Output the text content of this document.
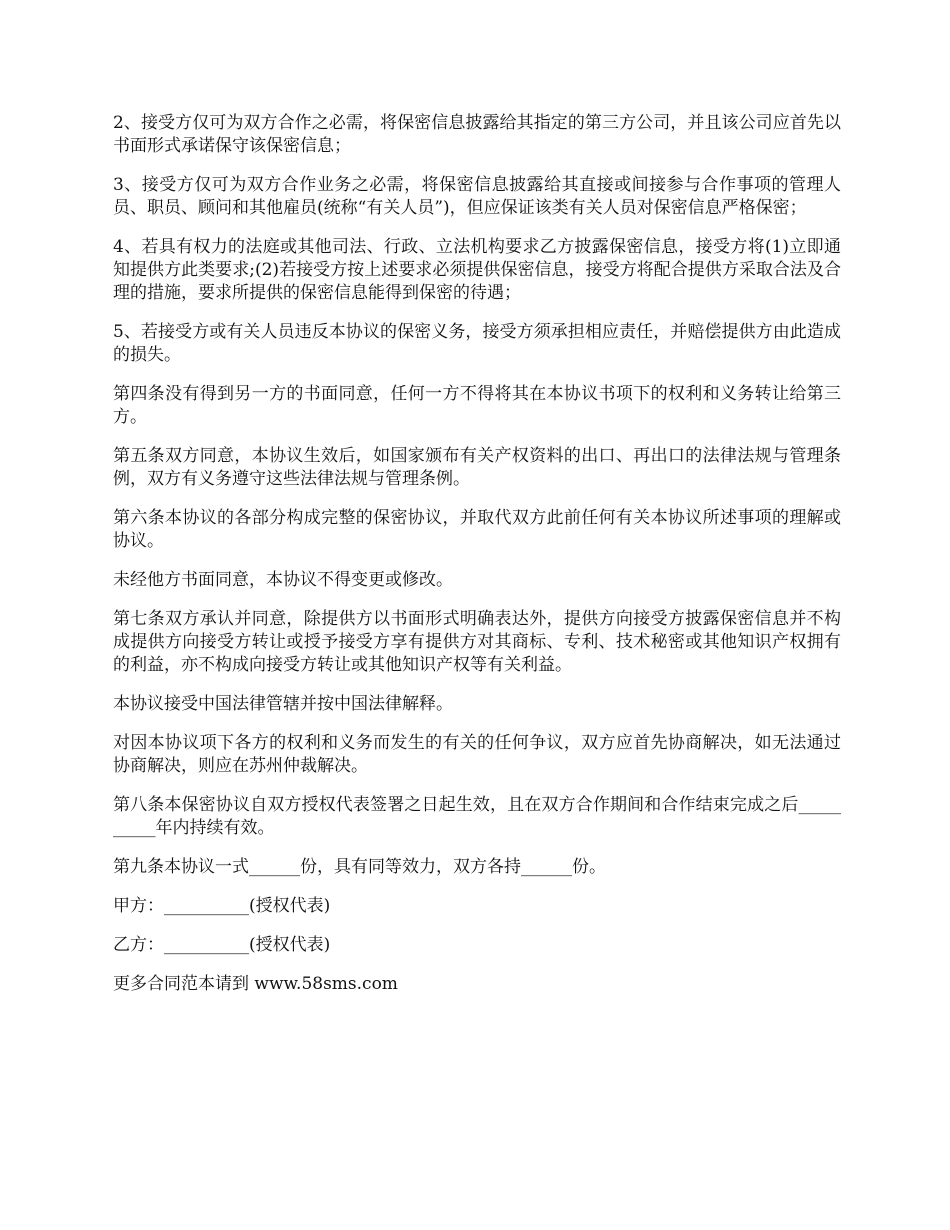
2、接受方仅可为双方合作之必需，将保密信息披露给其指定的第三方公司，并且该公司应首先以书面形式承诺保守该保密信息；

3、接受方仅可为双方合作业务之必需，将保密信息披露给其直接或间接参与合作事项的管理人员、职员、顾问和其他雇员(统称“有关人员”)，但应保证该类有关人员对保密信息严格保密；

4、若具有权力的法庭或其他司法、行政、立法机构要求乙方披露保密信息，接受方将(1)立即通知提供方此类要求;(2)若接受方按上述要求必须提供保密信息，接受方将配合提供方采取合法及合理的措施，要求所提供的保密信息能得到保密的待遇；

5、若接受方或有关人员违反本协议的保密义务，接受方须承担相应责任，并赔偿提供方由此造成的损失。

第四条没有得到另一方的书面同意，任何一方不得将其在本协议书项下的权利和义务转让给第三方。

第五条双方同意，本协议生效后，如国家颁布有关产权资料的出口、再出口的法律法规与管理条例，双方有义务遵守这些法律法规与管理条例。

第六条本协议的各部分构成完整的保密协议，并取代双方此前任何有关本协议所述事项的理解或协议。

未经他方书面同意，本协议不得变更或修改。

第七条双方承认并同意，除提供方以书面形式明确表达外，提供方向接受方披露保密信息并不构成提供方向接受方转让或授予接受方享有提供方对其商标、专利、技术秘密或其他知识产权拥有的利益，亦不构成向接受方转让或其他知识产权等有关利益。

本协议接受中国法律管辖并按中国法律解释。

对因本协议项下各方的权利和义务而发生的有关的任何争议，双方应首先协商解决，如无法通过协商解决，则应在苏州仲裁解决。

第八条本保密协议自双方授权代表签署之日起生效，且在双方合作期间和合作结束完成之后__________年内持续有效。

第九条本协议一式______份，具有同等效力，双方各持______份。

甲方：__________(授权代表)

乙方：__________(授权代表)

更多合同范本请到 www.58sms.com
